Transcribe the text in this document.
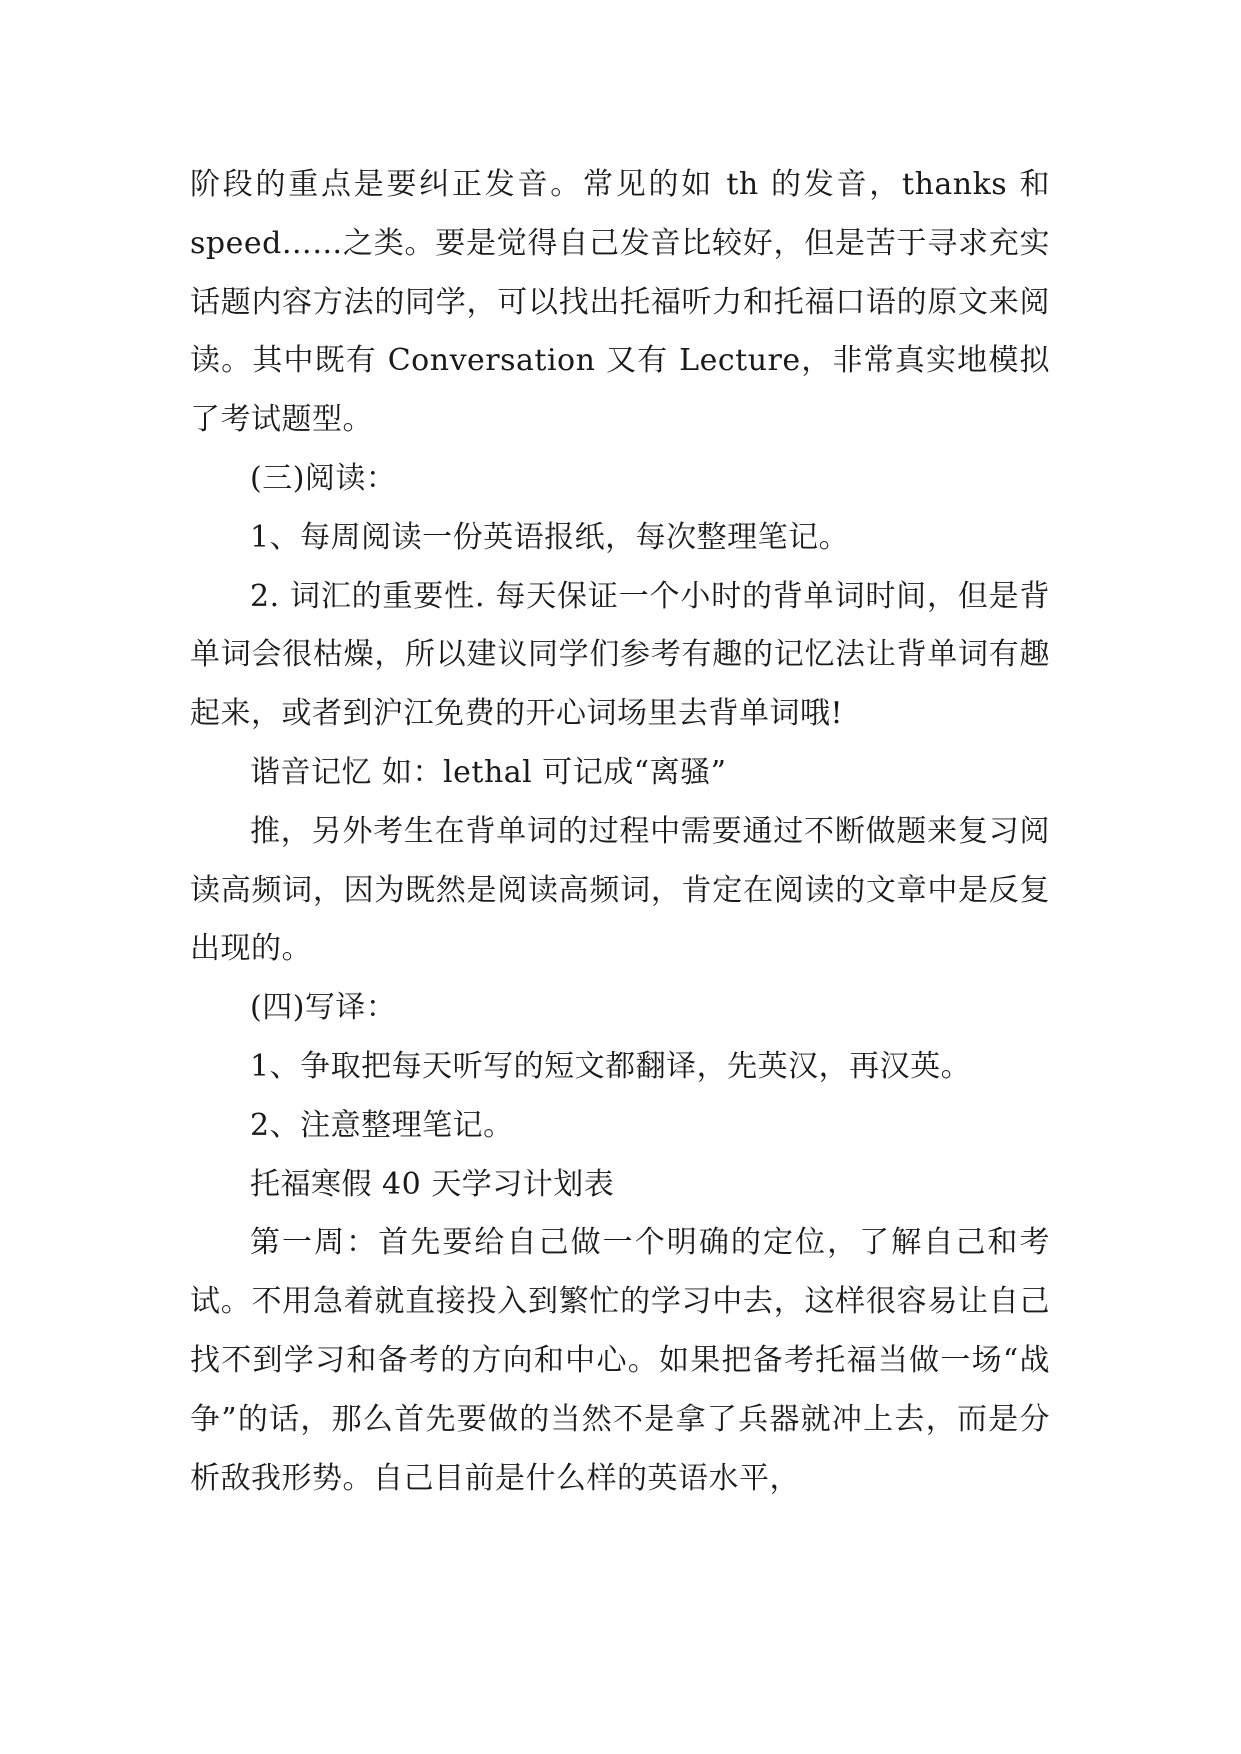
阶段的重点是要纠正发音。常见的如 th 的发音，thanks 和 speed……之类。要是觉得自己发音比较好，但是苦于寻求充实话题内容方法的同学，可以找出托福听力和托福口语的原文来阅读。其中既有 Conversation 又有 Lecture，非常真实地模拟了考试题型。

(三)阅读：

1、每周阅读一份英语报纸，每次整理笔记。

2. 词汇的重要性. 每天保证一个小时的背单词时间，但是背单词会很枯燥，所以建议同学们参考有趣的记忆法让背单词有趣起来，或者到沪江免费的开心词场里去背单词哦!

谐音记忆 如：lethal 可记成“离骚”

推，另外考生在背单词的过程中需要通过不断做题来复习阅读高频词，因为既然是阅读高频词，肯定在阅读的文章中是反复出现的。

(四)写译：

1、争取把每天听写的短文都翻译，先英汉，再汉英。

2、注意整理笔记。

托福寒假 40 天学习计划表

第一周：首先要给自己做一个明确的定位，了解自己和考试。不用急着就直接投入到繁忙的学习中去，这样很容易让自己找不到学习和备考的方向和中心。如果把备考托福当做一场“战争”的话，那么首先要做的当然不是拿了兵器就冲上去，而是分析敌我形势。自己目前是什么样的英语水平，
